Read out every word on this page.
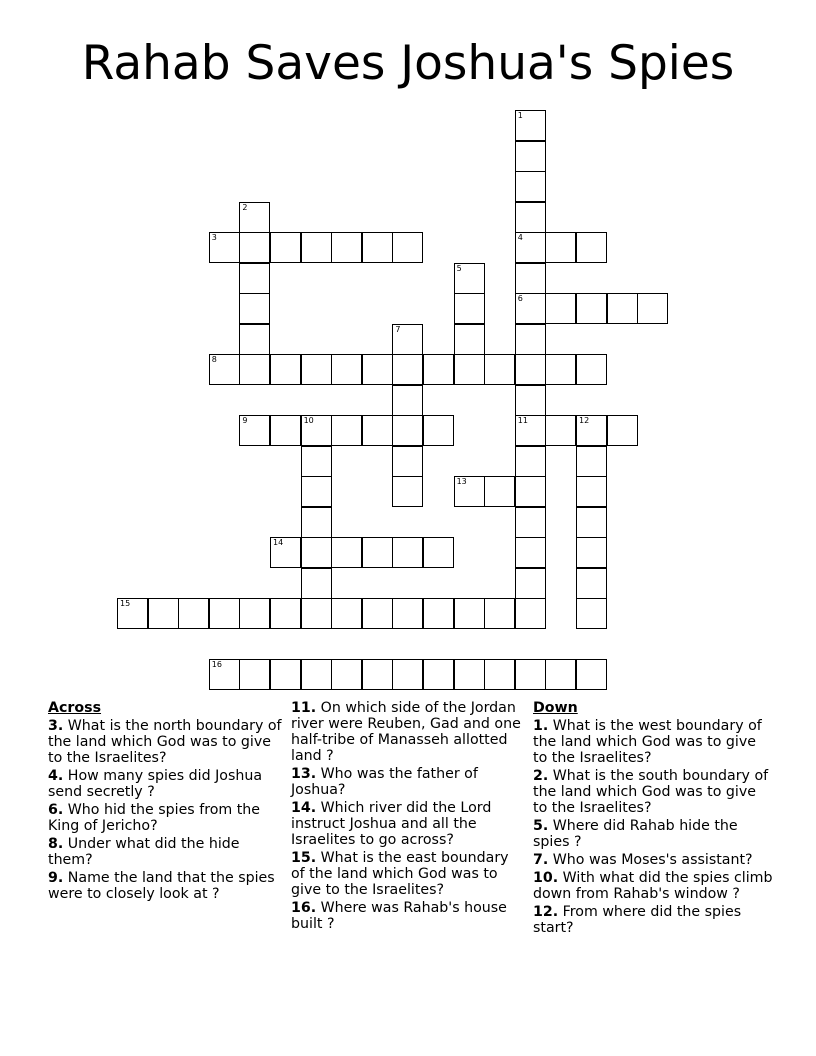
Rahab Saves Joshua's Spies
3	4
6
8
9	10	11	12
13
14
15
16
1
2
5
7
Across
3. What is the north boundary of the land which God was to give to the Israelites?
4. How many spies did Joshua send secretly ?
6. Who hid the spies from the King of Jericho?
8. Under what did the hide them?
9. Name the land that the spies were to closely look at ?
11. On which side of the Jordan river were Reuben, Gad and one half-tribe of Manasseh allotted land ?
13. Who was the father of Joshua?
14. Which river did the Lord instruct Joshua and all the Israelites to go across?
15. What is the east boundary of the land which God was to give to the Israelites?
16. Where was Rahab's house built ?
Down
1. What is the west boundary of the land which God was to give to the Israelites?
2. What is the south boundary of the land which God was to give to the Israelites?
5. Where did Rahab hide the spies ?
7. Who was Moses's assistant?
10. With what did the spies climb down from Rahab's window ?
12. From where did the spies start?
